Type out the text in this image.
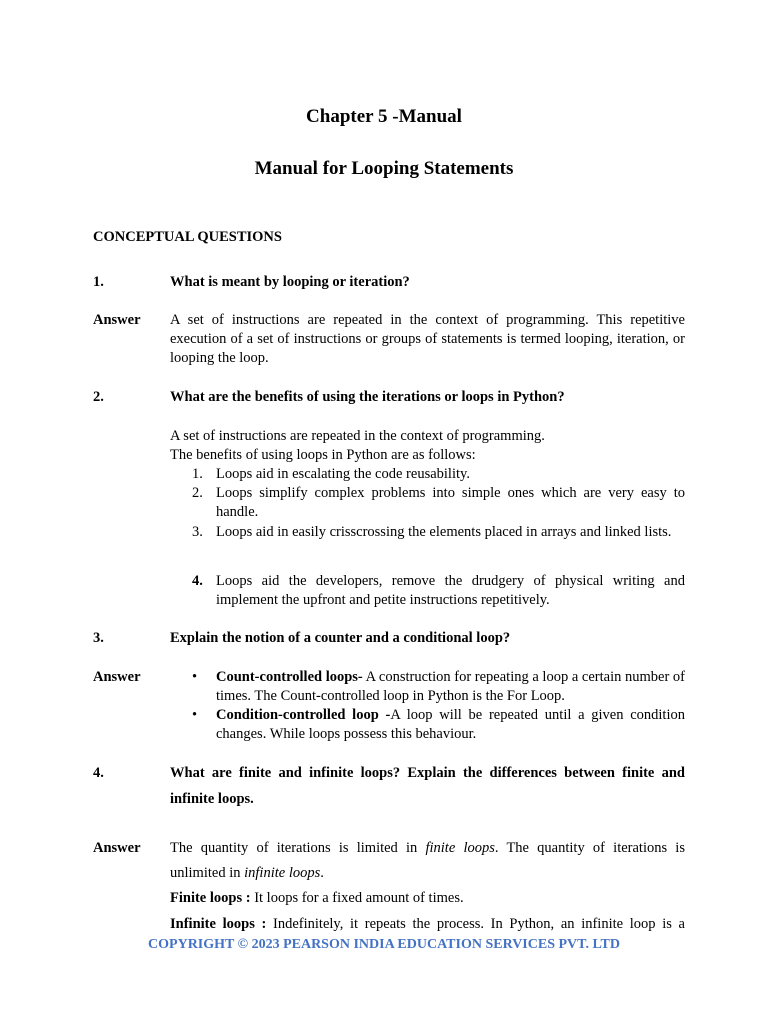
Chapter 5 -Manual
Manual for Looping Statements
CONCEPTUAL QUESTIONS
1.	What is meant by looping or iteration?
Answer A set of instructions are repeated in the context of programming. This repetitive execution of a set of instructions or groups of statements is termed looping, iteration, or looping the loop.
2.	What are the benefits of using the iterations or loops in Python?
A set of instructions are repeated in the context of programming.
The benefits of using loops in Python are as follows:
1. Loops aid in escalating the code reusability.
2. Loops simplify complex problems into simple ones which are very easy to handle.
3. Loops aid in easily crisscrossing the elements placed in arrays and linked lists.
4. Loops aid the developers, remove the drudgery of physical writing and implement the upfront and petite instructions repetitively.
3.	Explain the notion of a counter and a conditional loop?
Answer	•	Count-controlled loops- A construction for repeating a loop a certain number of times. The Count-controlled loop in Python is the For Loop.
•	Condition-controlled loop -A loop will be repeated until a given condition changes. While loops possess this behaviour.
4.	What are finite and infinite loops? Explain the differences between finite and
infinite loops.
Answer The quantity of iterations is limited in finite loops. The quantity of iterations is
unlimited in infinite loops.
Finite loops : It loops for a fixed amount of times.
Infinite loops : Indefinitely, it repeats the process. In Python, an infinite loop is a
COPYRIGHT © 2023 PEARSON INDIA EDUCATION SERVICES PVT. LTD
